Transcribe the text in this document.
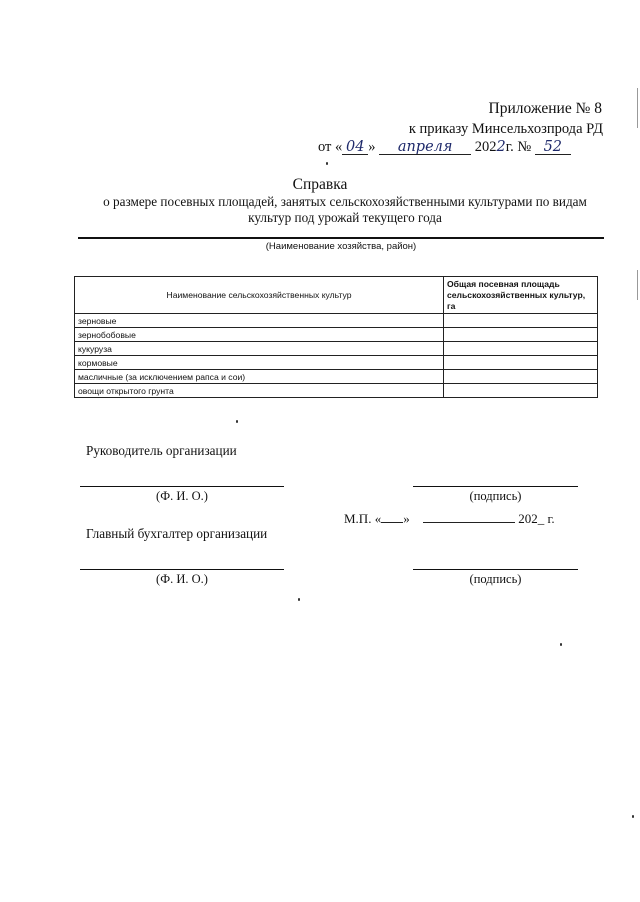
Приложение № 8
к приказу Минсельхозпрода РД
от « 04 » апреля 2022г. № 52
Справка
о размере посевных площадей, занятых сельскохозяйственными культурами по видам культур под урожай текущего года
(Наименование хозяйства, район)
Наименование сельскохозяйственных культур	Общая посевная площадь сельскохозяйственных культур, га
зерновые	
зернобобовые	
кукуруза	
кормовые	
масличные (за исключением рапса и сои)	
овощи открытого грунта	
Руководитель организации
(Ф. И. О.)	(подпись)
М.П. « »	202_ г.
Главный бухгалтер организации
(Ф. И. О.)	(подпись)
